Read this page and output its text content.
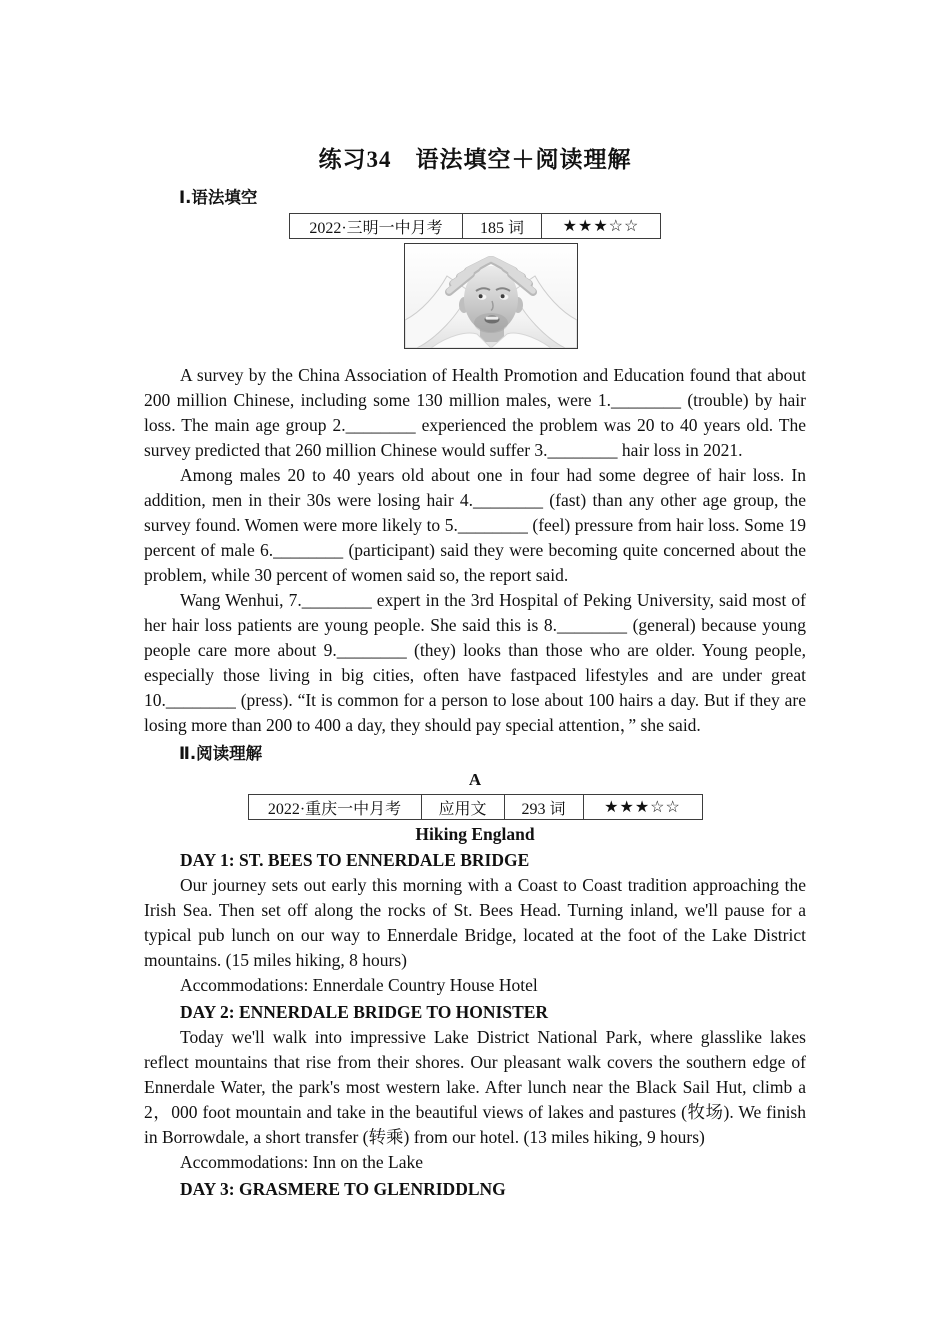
练习34　语法填空＋阅读理解
Ⅰ.语法填空
2022·三明一中月考	185 词	★★★☆☆

A survey by the China Association of Health Promotion and Education found that about 200 million Chinese, including some 130 million males, were 1.________ (trouble) by hair loss. The main age group 2.________ experienced the problem was 20 to 40 years old. The survey predicted that 260 million Chinese would suffer 3.________ hair loss in 2021.

Among males 20 to 40 years old about one in four had some degree of hair loss. In addition, men in their 30s were losing hair 4.________ (fast) than any other age group, the survey found. Women were more likely to 5.________ (feel) pressure from hair loss. Some 19 percent of male 6.________ (participant) said they were becoming quite concerned about the problem, while 30 percent of women said so, the report said.

Wang Wenhui, 7.________ expert in the 3rd Hospital of Peking University, said most of her hair loss patients are young people. She said this is 8.________ (general) because young people care more about 9.________ (they) looks than those who are older. Young people, especially those living in big cities, often have fastpaced lifestyles and are under great 10.________ (press). “It is common for a person to lose about 100 hairs a day. But if they are losing more than 200 to 400 a day, they should pay special attention，” she said.

Ⅱ.阅读理解
A
2022·重庆一中月考	应用文	293 词	★★★☆☆
Hiking England
DAY 1: ST. BEES TO ENNERDALE BRIDGE

Our journey sets out early this morning with a Coast to Coast tradition approaching the Irish Sea. Then set off along the rocks of St. Bees Head. Turning inland, we'll pause for a typical pub lunch on our way to Ennerdale Bridge, located at the foot of the Lake District mountains. (15 miles hiking, 8 hours)

Accommodations: Ennerdale Country House Hotel

DAY 2: ENNERDALE BRIDGE TO HONISTER

Today we'll walk into impressive Lake District National Park, where glasslike lakes reflect mountains that rise from their shores. Our pleasant walk covers the southern edge of Ennerdale Water, the park's most western lake. After lunch near the Black Sail Hut, climb a 2，000 foot mountain and take in the beautiful views of lakes and pastures (牧场). We finish in Borrowdale, a short transfer (转乘) from our hotel. (13 miles hiking, 9 hours)

Accommodations: Inn on the Lake

DAY 3: GRASMERE TO GLENRIDDLNG
